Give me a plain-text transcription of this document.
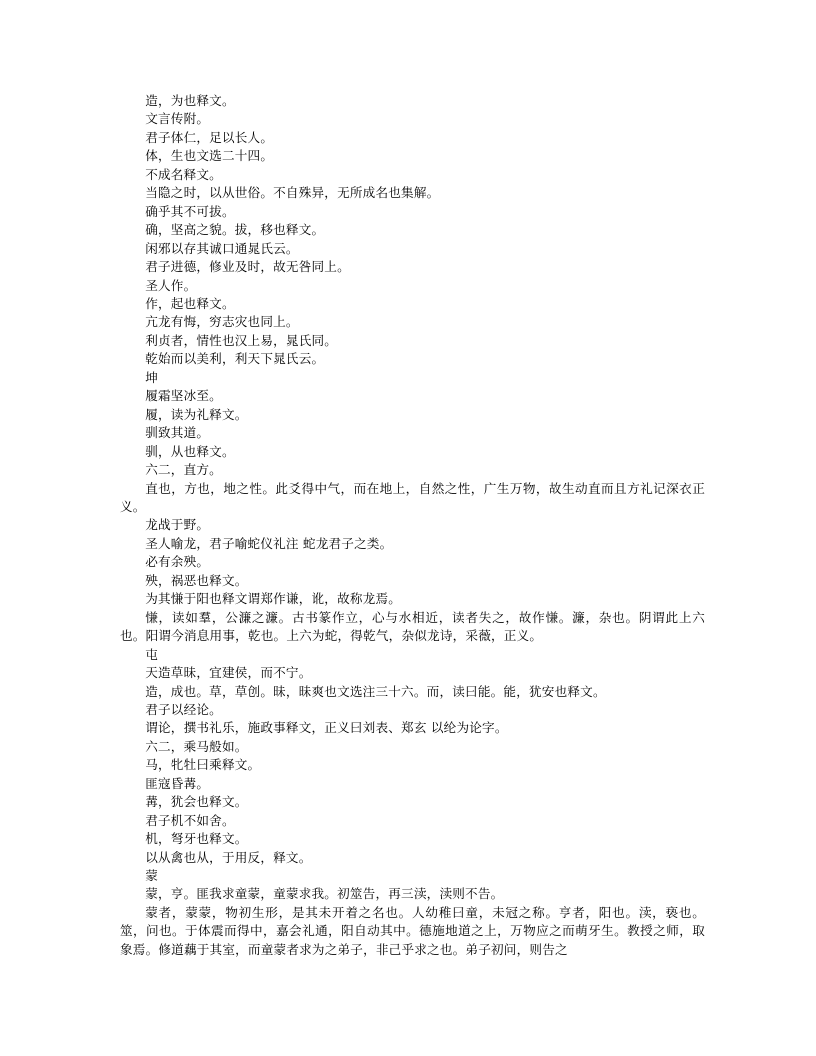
造，为也释文。

文言传附。

君子体仁，足以长人。

体，生也文选二十四。

不成名释文。

当隐之时，以从世俗。不自殊异，无所成名也集解。

确乎其不可拔。

确，坚高之貌。拔，移也释文。

闲邪以存其诚口通晁氏云。

君子进德，修业及时，故无咎同上。

圣人作。

作，起也释文。

亢龙有悔，穷志灾也同上。

利贞者，情性也汉上易，晁氏同。

乾始而以美利，利天下晁氏云。

坤

履霜坚冰至。

履，读为礼释文。

驯致其道。

驯，从也释文。

六二，直方。

直也，方也，地之性。此爻得中气，而在地上，自然之性，广生万物，故生动直而且方礼记深衣正义。

龙战于野。

圣人喻龙，君子喻蛇仪礼注 蛇龙君子之类。

必有余殃。

殃，祸恶也释文。

为其慊于阳也释文谓郑作谦，讹，故称龙焉。

慊，读如羣，公濂之濂。古书篆作立，心与水相近，读者失之，故作慊。濂，杂也。阴谓此上六也。阳谓今消息用事，乾也。上六为蛇，得乾气，杂似龙诗，采薇，正义。

屯

天造草昧，宜建侯，而不宁。

造，成也。草，草创。昧，昧爽也文选注三十六。而，读曰能。能，犹安也释文。

君子以经论。

谓论，撰书礼乐，施政事释文，正义曰刘表、郑玄 以纶为论字。

六二，乘马般如。

马，牝牡曰乘释文。

匪寇昏冓。

冓，犹会也释文。

君子机不如舍。

机，弩牙也释文。

以从禽也从，于用反，释文。

蒙

蒙，亨。匪我求童蒙，童蒙求我。初筮告，再三渎，渎则不告。

蒙者，蒙蒙，物初生形，是其未开着之名也。人幼稚曰童，未冠之称。亨者，阳也。渎，亵也。筮，问也。于体震而得中，嘉会礼通，阳自动其中。德施地道之上，万物应之而萌牙生。教授之师，取象焉。修道藕于其室，而童蒙者求为之弟子，非己乎求之也。弟子初问，则告之
